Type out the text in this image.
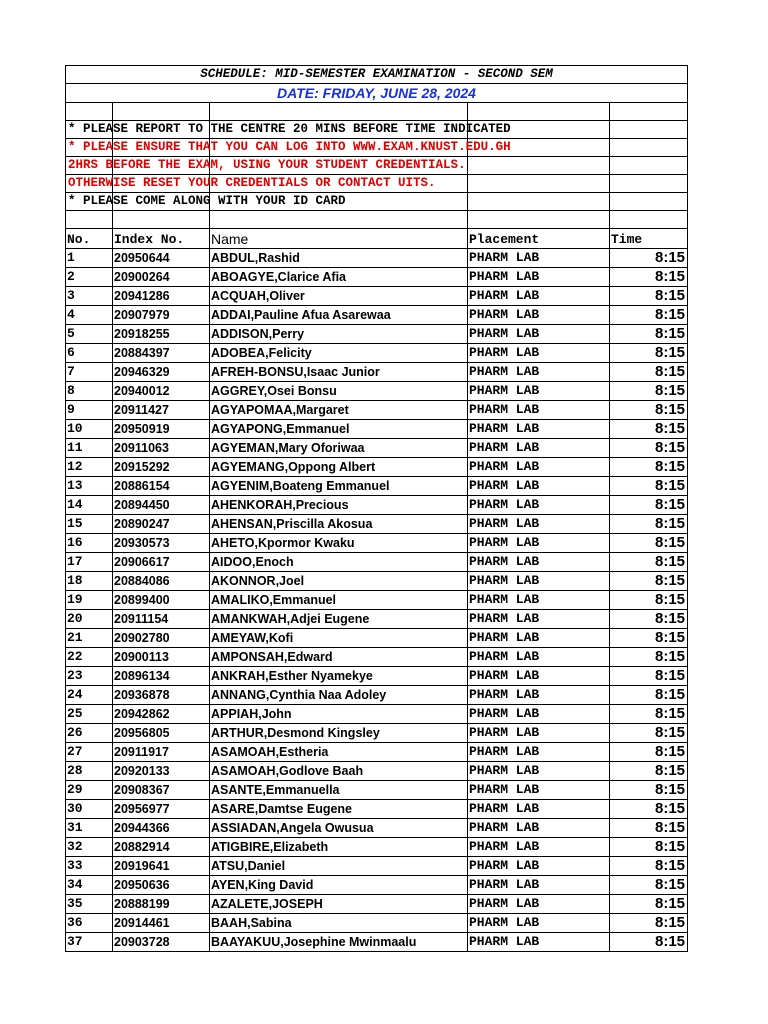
SCHEDULE: MID-SEMESTER EXAMINATION - SECOND SEM				
DATE: FRIDAY, JUNE 28, 2024				

* PLEASE REPORT TO THE CENTRE 20 MINS BEFORE TIME INDICATED				

* PLEASE ENSURE THAT YOU CAN LOG INTO WWW.EXAM.KNUST.EDU.GH				

2HRS BEFORE THE EXAM, USING YOUR STUDENT CREDENTIALS.				

OTHERWISE RESET YOUR CREDENTIALS OR CONTACT UITS.				

* PLEASE COME ALONG WITH YOUR ID CARD				

No.	Index No.	Name	Placement	Time
1	20950644	ABDUL,Rashid	PHARM LAB	8:15
2	20900264	ABOAGYE,Clarice Afia	PHARM LAB	8:15
3	20941286	ACQUAH,Oliver	PHARM LAB	8:15
4	20907979	ADDAI,Pauline Afua Asarewaa	PHARM LAB	8:15
5	20918255	ADDISON,Perry	PHARM LAB	8:15
6	20884397	ADOBEA,Felicity	PHARM LAB	8:15
7	20946329	AFREH-BONSU,Isaac Junior	PHARM LAB	8:15
8	20940012	AGGREY,Osei Bonsu	PHARM LAB	8:15
9	20911427	AGYAPOMAA,Margaret	PHARM LAB	8:15
10	20950919	AGYAPONG,Emmanuel	PHARM LAB	8:15
11	20911063	AGYEMAN,Mary Oforiwaa	PHARM LAB	8:15
12	20915292	AGYEMANG,Oppong Albert	PHARM LAB	8:15
13	20886154	AGYENIM,Boateng Emmanuel	PHARM LAB	8:15
14	20894450	AHENKORAH,Precious	PHARM LAB	8:15
15	20890247	AHENSAN,Priscilla Akosua	PHARM LAB	8:15
16	20930573	AHETO,Kpormor Kwaku	PHARM LAB	8:15
17	20906617	AIDOO,Enoch	PHARM LAB	8:15
18	20884086	AKONNOR,Joel	PHARM LAB	8:15
19	20899400	AMALIKO,Emmanuel	PHARM LAB	8:15
20	20911154	AMANKWAH,Adjei Eugene	PHARM LAB	8:15
21	20902780	AMEYAW,Kofi	PHARM LAB	8:15
22	20900113	AMPONSAH,Edward	PHARM LAB	8:15
23	20896134	ANKRAH,Esther Nyamekye	PHARM LAB	8:15
24	20936878	ANNANG,Cynthia Naa Adoley	PHARM LAB	8:15
25	20942862	APPIAH,John	PHARM LAB	8:15
26	20956805	ARTHUR,Desmond Kingsley	PHARM LAB	8:15
27	20911917	ASAMOAH,Estheria	PHARM LAB	8:15
28	20920133	ASAMOAH,Godlove Baah	PHARM LAB	8:15
29	20908367	ASANTE,Emmanuella	PHARM LAB	8:15
30	20956977	ASARE,Damtse Eugene	PHARM LAB	8:15
31	20944366	ASSIADAN,Angela Owusua	PHARM LAB	8:15
32	20882914	ATIGBIRE,Elizabeth	PHARM LAB	8:15
33	20919641	ATSU,Daniel	PHARM LAB	8:15
34	20950636	AYEN,King David	PHARM LAB	8:15
35	20888199	AZALETE,JOSEPH	PHARM LAB	8:15
36	20914461	BAAH,Sabina	PHARM LAB	8:15
37	20903728	BAAYAKUU,Josephine Mwinmaalu	PHARM LAB	8:15
